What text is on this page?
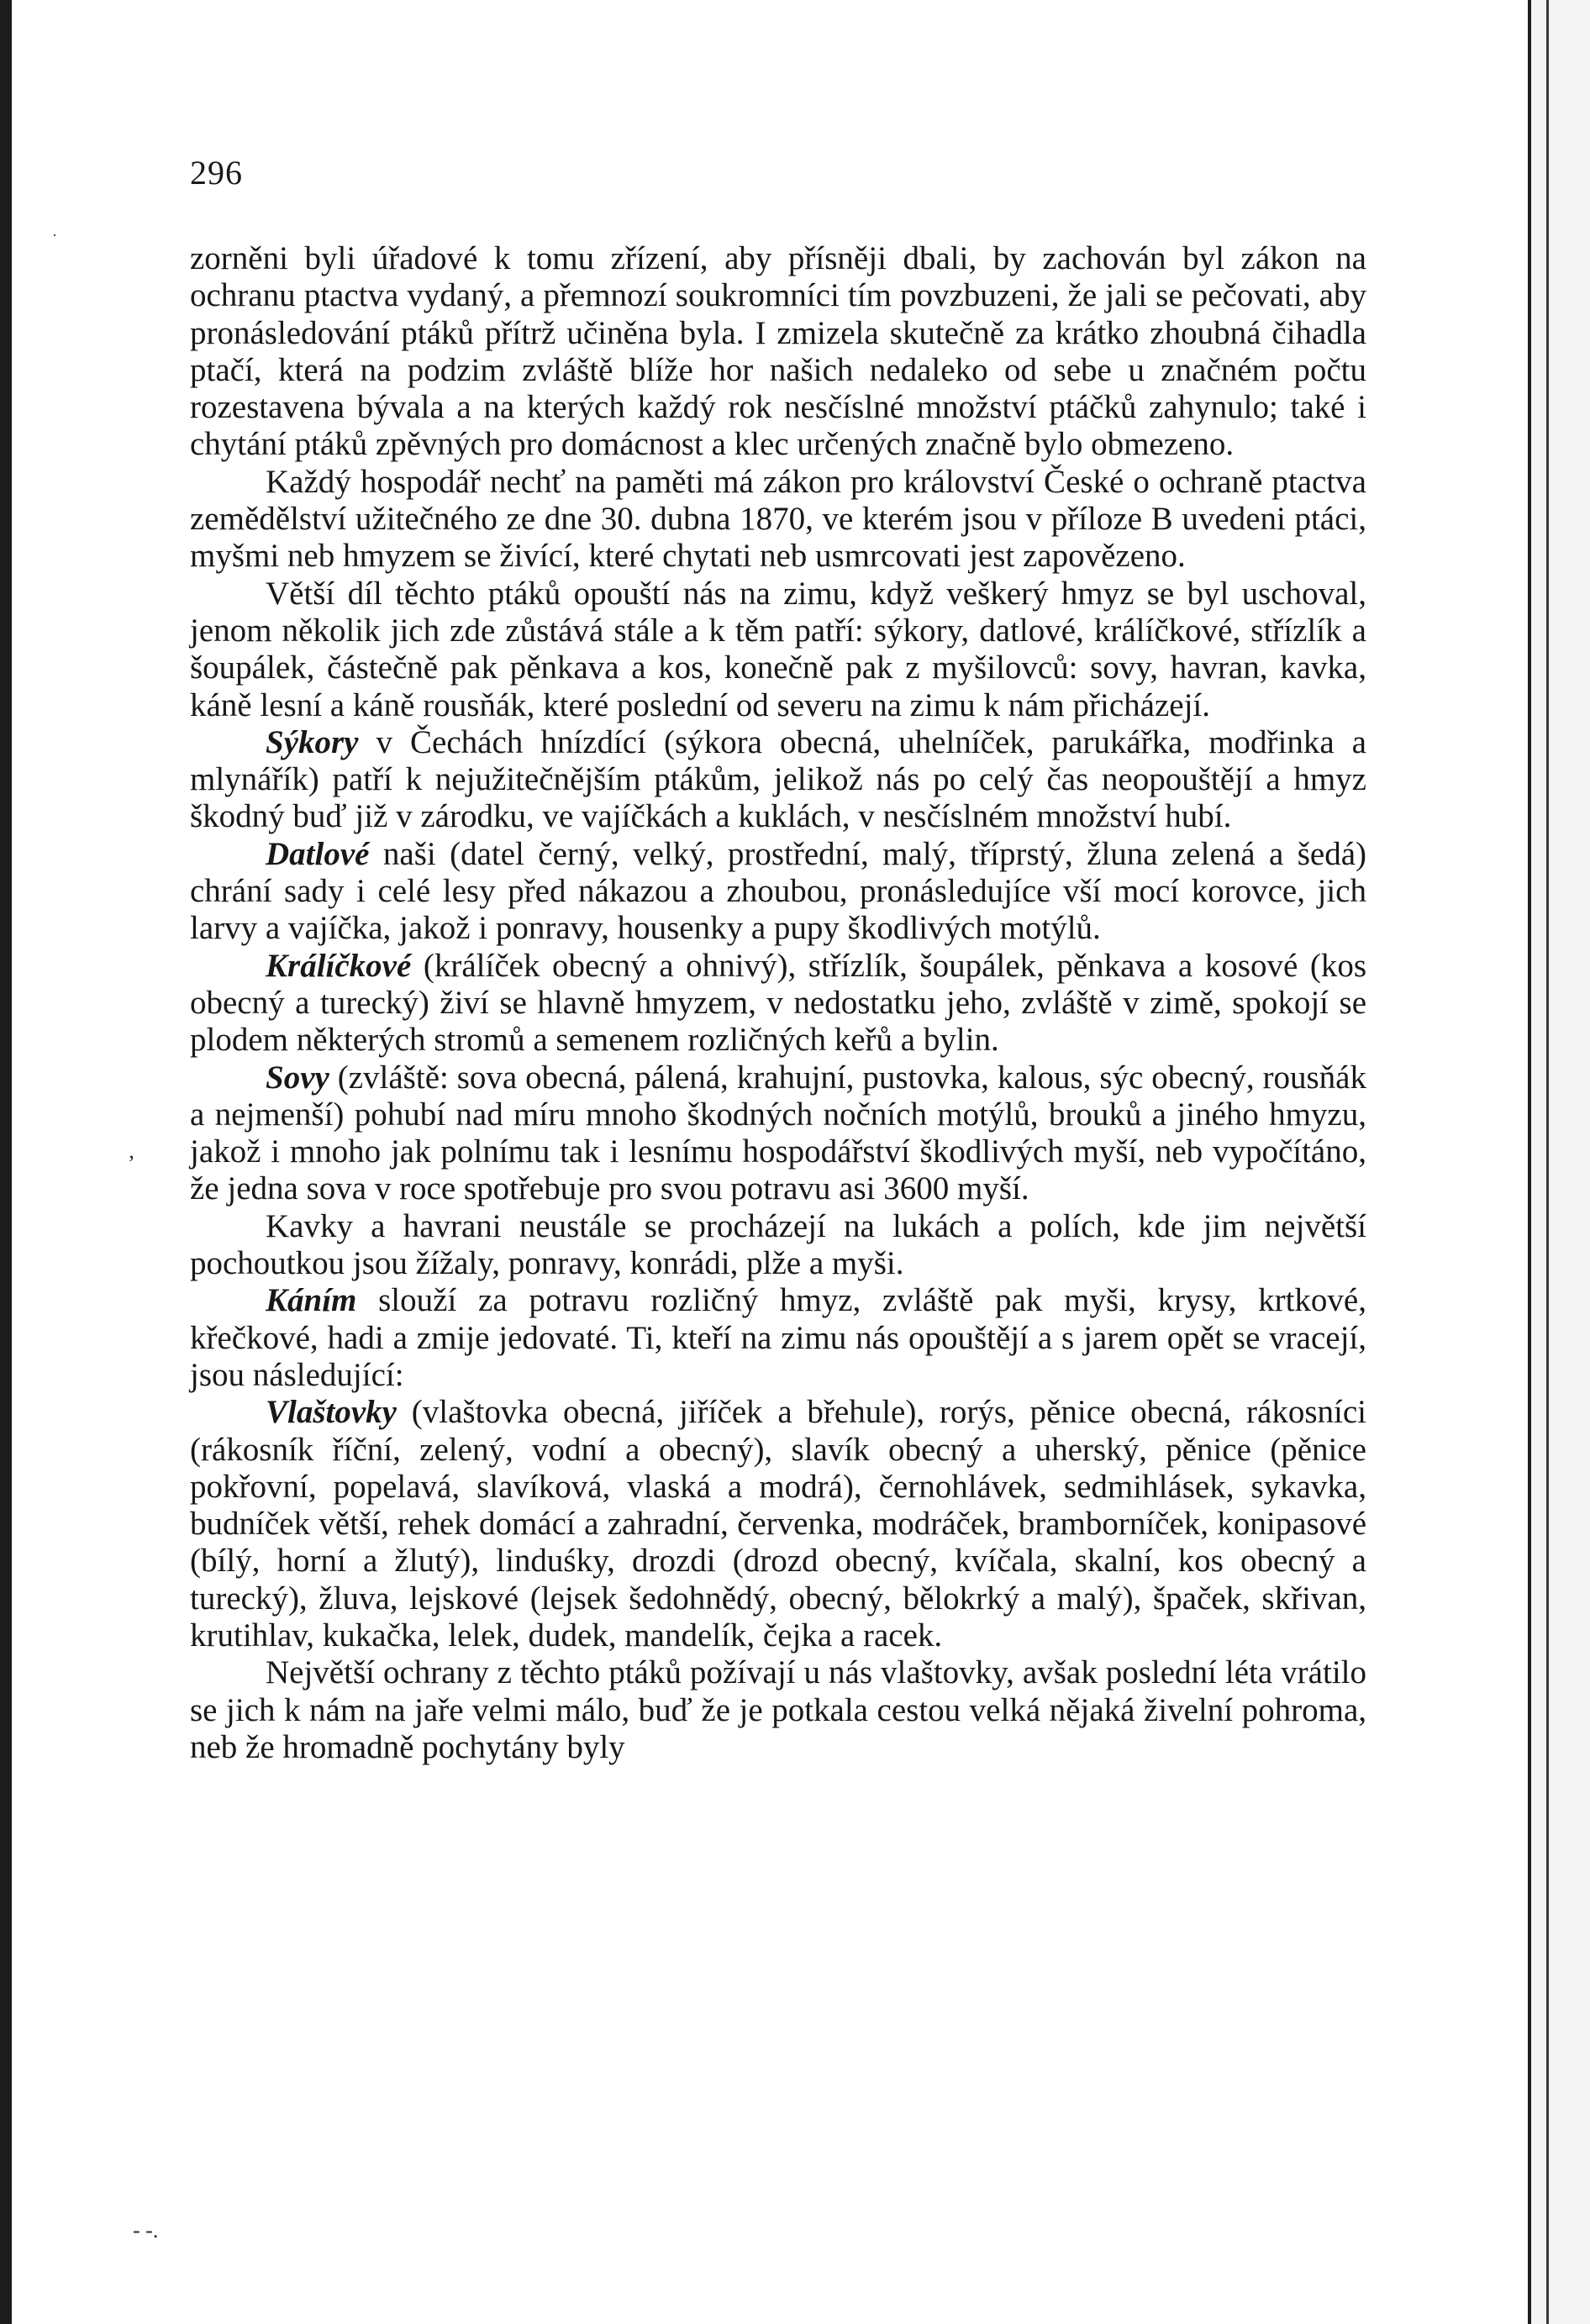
·
ʼ
‐ ‐.
296

zorněni byli úřadové k tomu zřízení, aby přísněji dbali, by zachován byl zákon na ochranu ptactva vydaný, a přemnozí soukromníci tím povzbuzeni, že jali se pečovati, aby pronásledování ptáků přítrž učiněna byla. I zmizela skutečně za krátko zhoubná čihadla ptačí, která na podzim zvláště blíže hor našich nedaleko od sebe u značném počtu rozestavena bývala a na kterých každý rok nesčíslné množství ptáčků zahynulo; také i chytání ptáků zpěvných pro domácnost a klec určených značně bylo obmezeno.

Každý hospodář nechť na paměti má zákon pro království České o ochraně ptactva zemědělství užitečného ze dne 30. dubna 1870, ve kterém jsou v příloze B uvedeni ptáci, myšmi neb hmyzem se živící, které chytati neb usmrcovati jest zapovězeno.

Větší díl těchto ptáků opouští nás na zimu, když veškerý hmyz se byl uschoval, jenom několik jich zde zůstává stále a k těm patří: sýkory, datlové, králíčkové, střízlík a šoupálek, částečně pak pěnkava a kos, konečně pak z myšilovců: sovy, havran, kavka, káně lesní a káně rousňák, které poslední od severu na zimu k nám přicházejí.

Sýkory v Čechách hnízdící (sýkora obecná, uhelníček, parukářka, modřinka a mlynářík) patří k nejužitečnějším ptákům, jelikož nás po celý čas neopouštějí a hmyz škodný buď již v zárodku, ve vajíčkách a kuklách, v nesčíslném množství hubí.

Datlové naši (datel černý, velký, prostřední, malý, tříprstý, žluna zelená a šedá) chrání sady i celé lesy před nákazou a zhoubou, pronásledujíce vší mocí korovce, jich larvy a vajíčka, jakož i ponravy, housenky a pupy škodlivých motýlů.

Králíčkové (králíček obecný a ohnivý), střízlík, šoupálek, pěnkava a kosové (kos obecný a turecký) živí se hlavně hmyzem, v nedostatku jeho, zvláště v zimě, spokojí se plodem některých stromů a semenem rozličných keřů a bylin.

Sovy (zvláště: sova obecná, pálená, krahujní, pustovka, kalous, sýc obecný, rousňák a nejmenší) pohubí nad míru mnoho škodných nočních motýlů, brouků a jiného hmyzu, jakož i mnoho jak polnímu tak i lesnímu hospodářství škodlivých myší, neb vypočítáno, že jedna sova v roce spotřebuje pro svou potravu asi 3600 myší.

Kavky a havrani neustále se procházejí na lukách a polích, kde jim největší pochoutkou jsou žížaly, ponravy, konrádi, plže a myši.

Káním slouží za potravu rozličný hmyz, zvláště pak myši, krysy, krtkové, křečkové, hadi a zmije jedovaté. Ti, kteří na zimu nás opouštějí a s jarem opět se vracejí, jsou následující:

Vlaštovky (vlaštovka obecná, jiříček a břehule), rorýs, pěnice obecná, rákosníci (rákosník říční, zelený, vodní a obecný), slavík obecný a uherský, pěnice (pěnice pokřovní, popelavá, slavíková, vlaská a modrá), černohlávek, sedmihlásek, sykavka, budníček větší, rehek domácí a zahradní, červenka, modráček, bramborníček, konipasové (bílý, horní a žlutý), linduśky, drozdi (drozd obecný, kvíčala, skalní, kos obecný a turecký), žluva, lejskové (lejsek šedohnědý, obecný, bělokrký a malý), špaček, skřivan, krutihlav, kukačka, lelek, dudek, mandelík, čejka a racek.

Největší ochrany z těchto ptáků požívají u nás vlaštovky, avšak poslední léta vrátilo se jich k nám na jaře velmi málo, buď že je potkala cestou velká nějaká živelní pohroma, neb že hromadně pochytány byly
